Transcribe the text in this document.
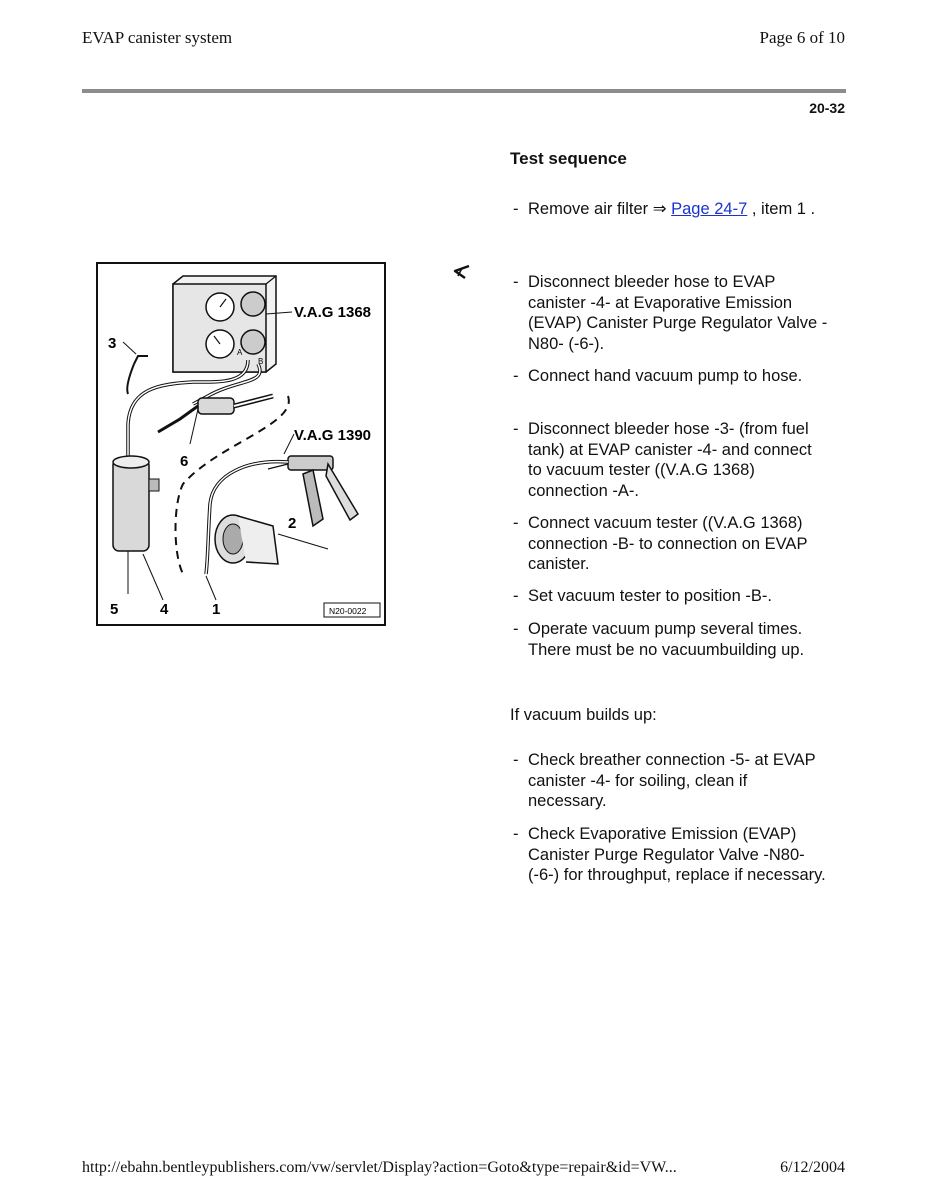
EVAP canister system	Page 6 of 10
20-32
Test sequence
- Remove air filter ⇒ Page 24-7 , item 1 .
- Disconnect bleeder hose to EVAP canister -4- at Evaporative Emission (EVAP) Canister Purge Regulator Valve -N80- (-6-).
- Connect hand vacuum pump to hose.
- Disconnect bleeder hose -3- (from fuel tank) at EVAP canister -4- and connect to vacuum tester ((V.A.G 1368) connection -A-.
- Connect vacuum tester ((V.A.G 1368) connection -B- to connection on EVAP canister.
- Set vacuum tester to position -B-.
- Operate vacuum pump several times. There must be no vacuumbuilding up.
If vacuum builds up:
- Check breather connection -5- at EVAP canister -4- for soiling, clean if necessary.
- Check Evaporative Emission (EVAP) Canister Purge Regulator Valve -N80- (-6-) for throughput, replace if necessary.
A
B
V.A.G 1368
V.A.G 1390
3
6
2
5	4	1	N20-0022
http://ebahn.bentleypublishers.com/vw/servlet/Display?action=Goto&type=repair&id=VW...	6/12/2004
